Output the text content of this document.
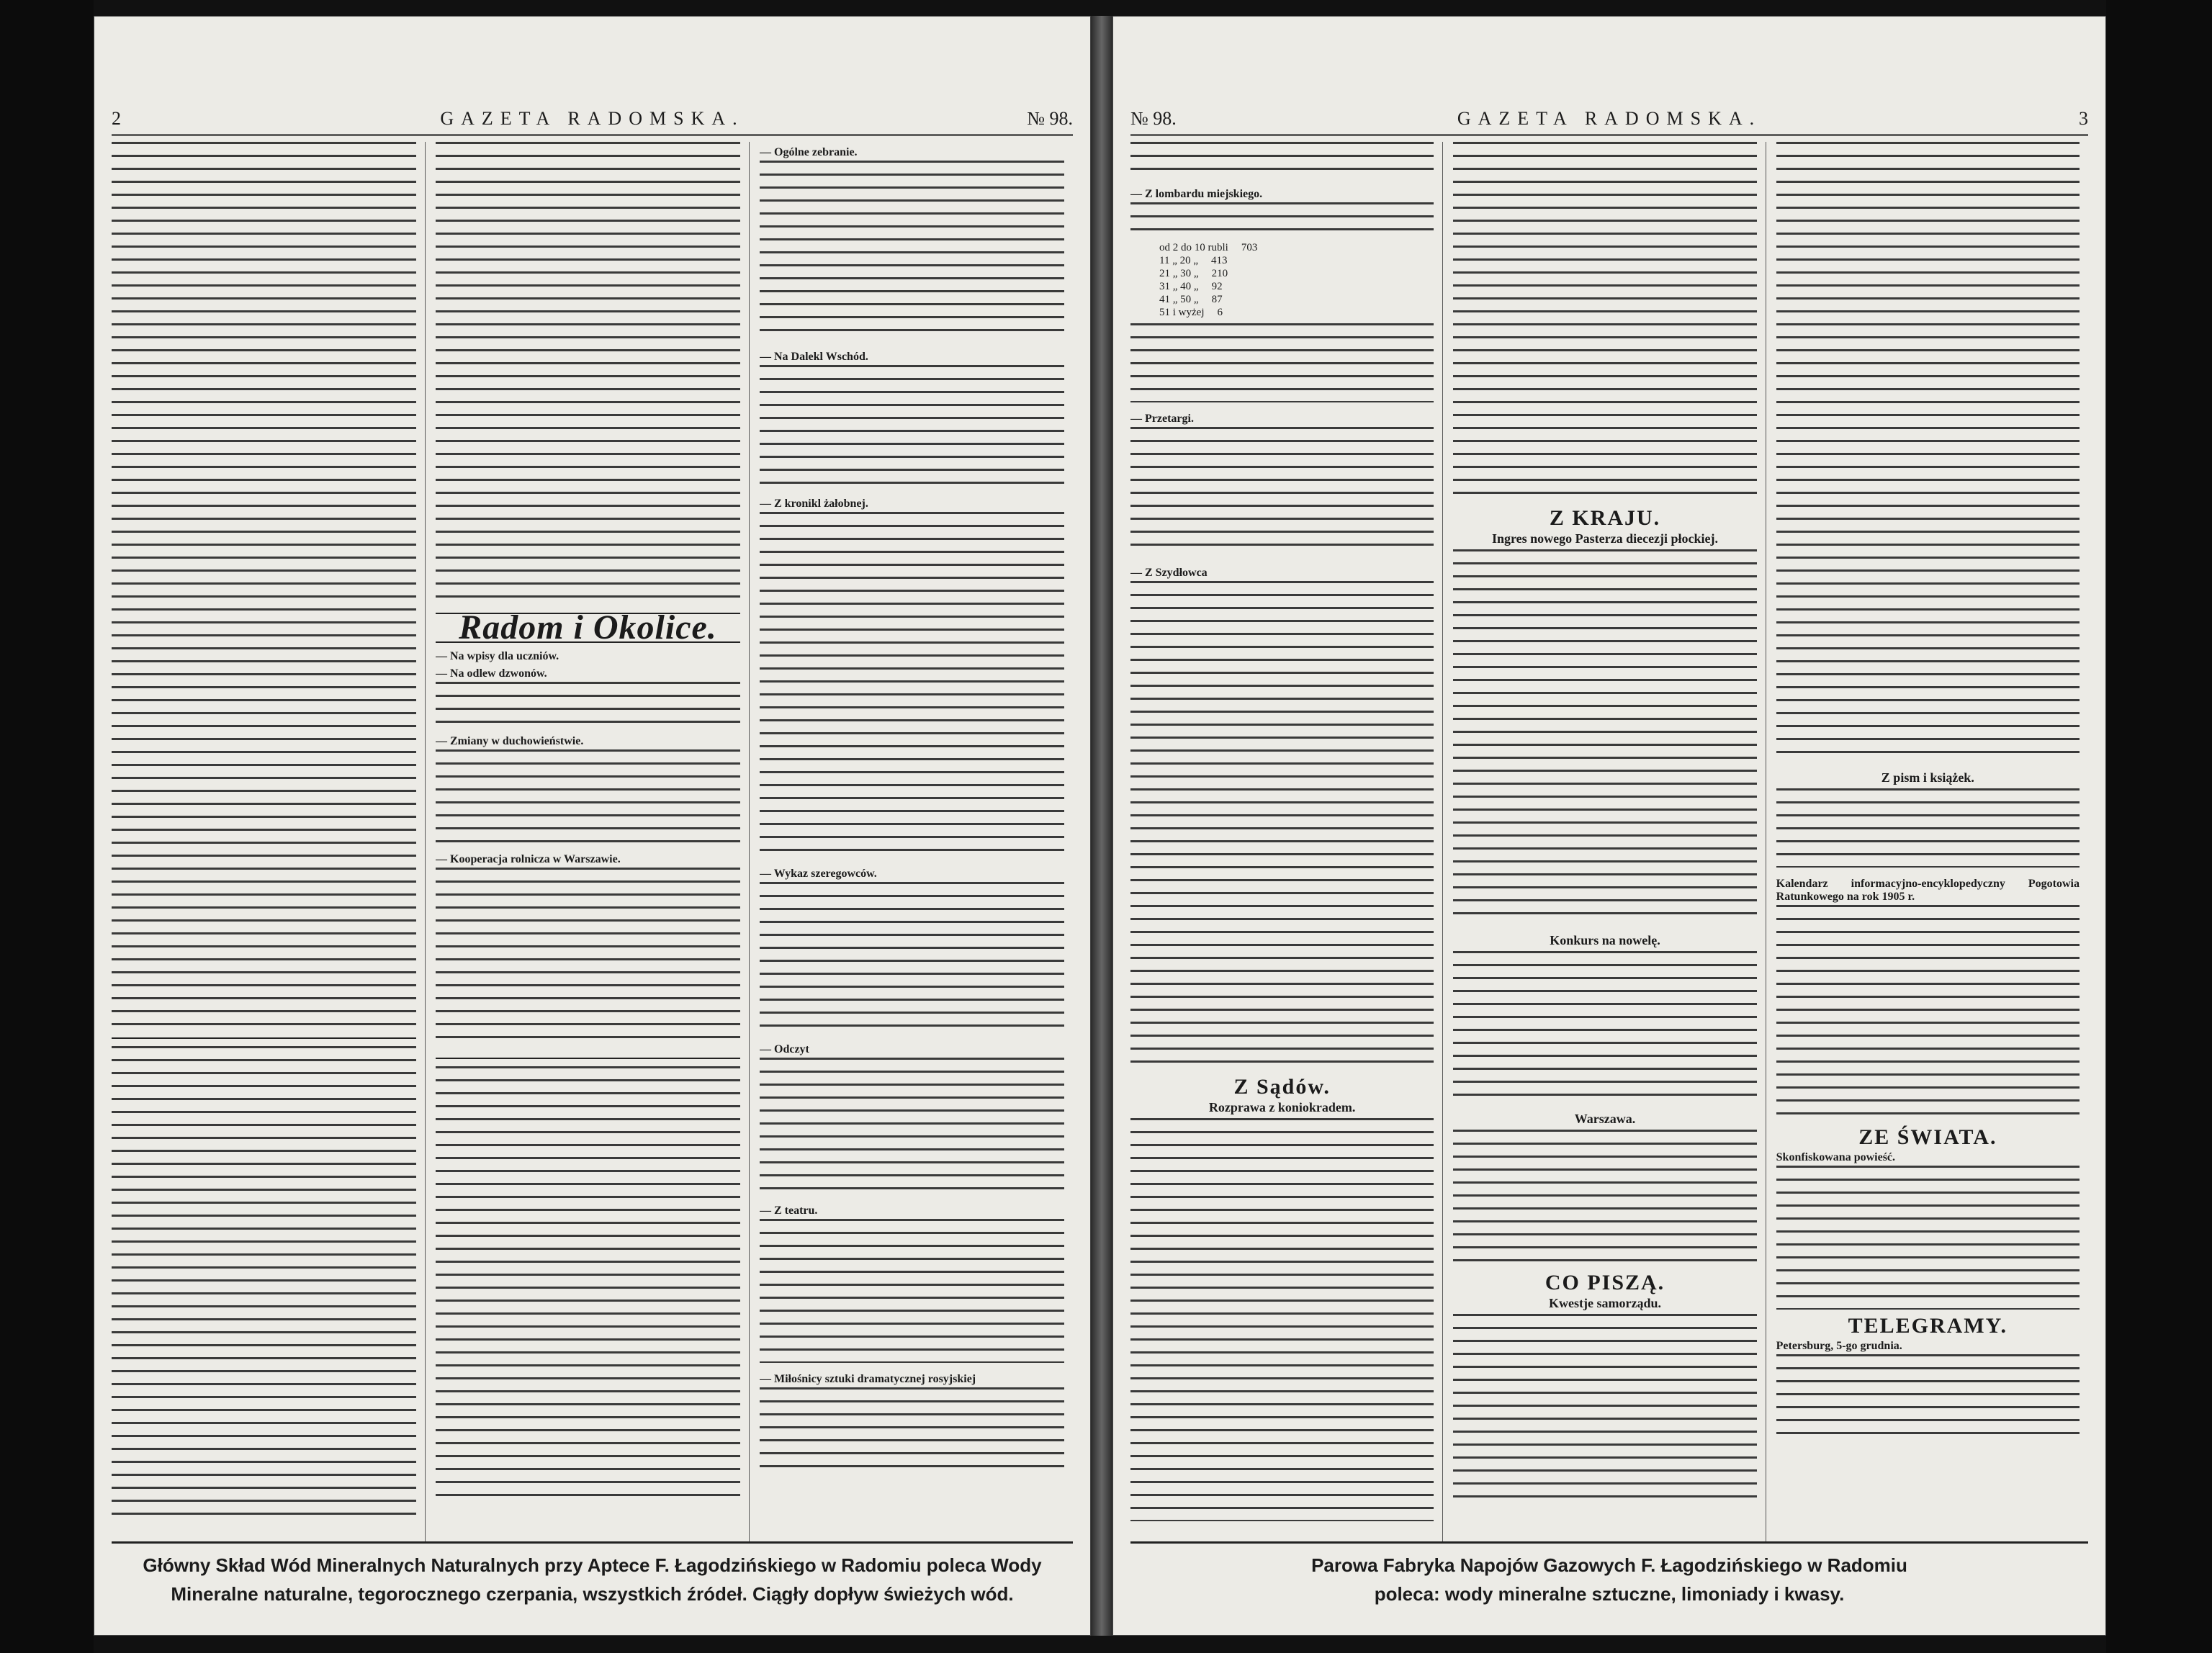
2	GAZETA RADOMSKA.	№ 98.
Radom i Okolice.
— Na wpisy dla uczniów.
— Na odlew dzwonów.
— Zmiany w duchowieństwie.
— Kooperacja rolnicza w Warszawie.
— Ogólne zebranie.
— Na Dalekl Wschód.
— Z kronikl żałobnej.
— Wykaz szeregowców.
— Odczyt
— Z teatru.
— Miłośnicy sztuki dramatycznej rosyjskiej
Główny Skład Wód Mineralnych Naturalnych przy Aptece F. Łagodzińskiego w Radomiu poleca Wody
Mineralne naturalne, tegorocznego czerpania, wszystkich źródeł. Ciągły dopływ świeżych wód.
№ 98.	GAZETA RADOMSKA.	3
— Z lombardu miejskiego.
od 2 do 10 rubli 703
11 „ 20 „ 413
21 „ 30 „ 210
31 „ 40 „ 92
41 „ 50 „ 87
51 i wyżej 6
— Przetargi.
— Z Szydłowca
Z Sądów.
Rozprawa z koniokradem.
Z KRAJU.
Ingres nowego Pasterza diecezji płockiej.
Konkurs na nowelę.
Warszawa.
CO PISZĄ.
Kwestje samorządu.
Z pism i książek.
Kalendarz informacyjno-encyklopedyczny Pogotowia Ratunkowego na rok 1905 r.
ZE ŚWIATA.
Skonfiskowana powieść.
TELEGRAMY.
Petersburg, 5-go grudnia.
Parowa Fabryka Napojów Gazowych F. Łagodzińskiego w Radomiu
poleca: wody mineralne sztuczne, limoniady i kwasy.
